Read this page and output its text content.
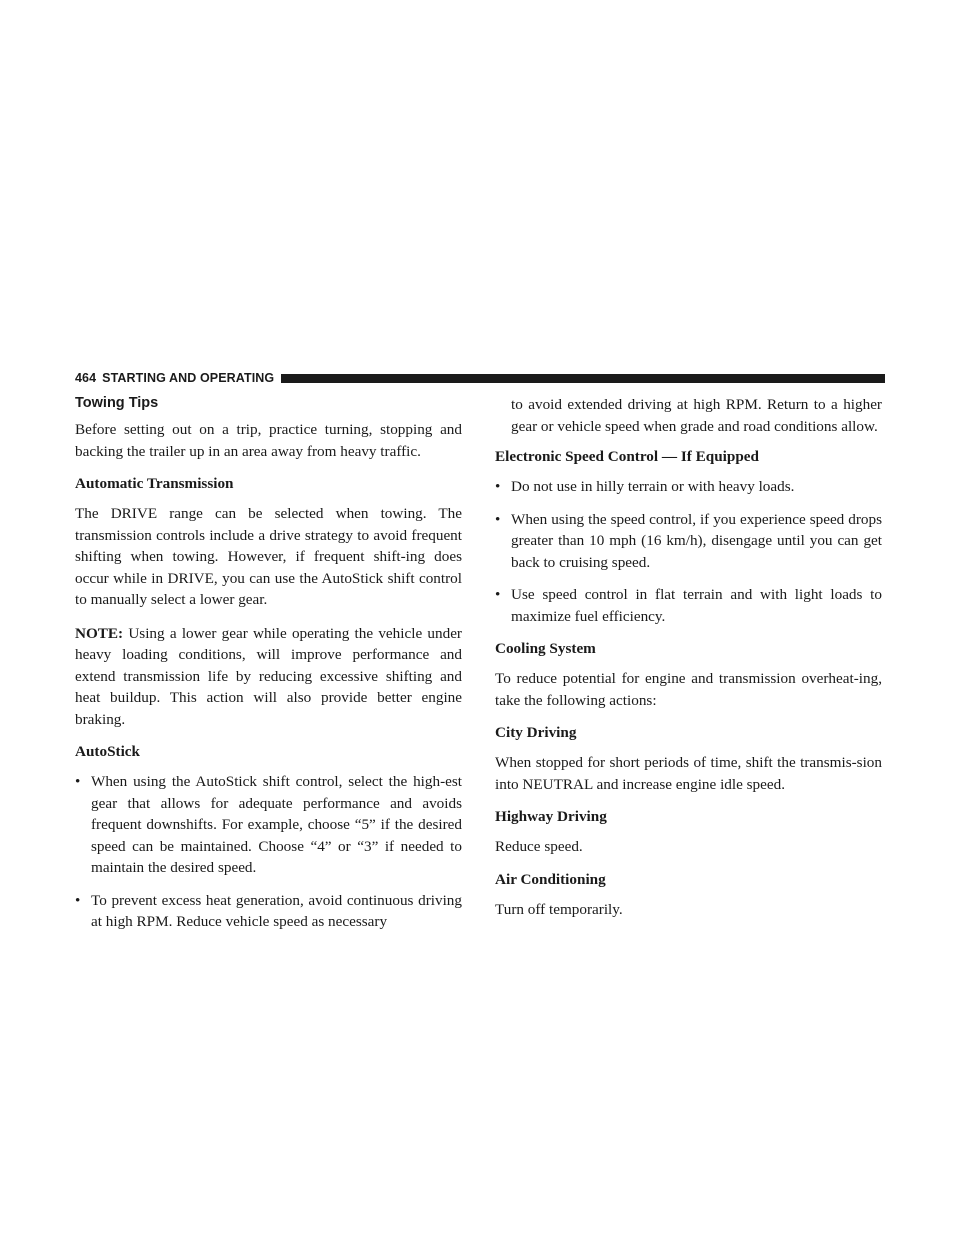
464 STARTING AND OPERATING
Towing Tips

Before setting out on a trip, practice turning, stopping and backing the trailer up in an area away from heavy traffic.

Automatic Transmission

The DRIVE range can be selected when towing. The transmission controls include a drive strategy to avoid frequent shifting when towing. However, if frequent shift-ing does occur while in DRIVE, you can use the AutoStick shift control to manually select a lower gear.

NOTE: Using a lower gear while operating the vehicle under heavy loading conditions, will improve performance and extend transmission life by reducing excessive shifting and heat buildup. This action will also provide better engine braking.

AutoStick
• When using the AutoStick shift control, select the high-est gear that allows for adequate performance and avoids frequent downshifts. For example, choose “5” if the desired speed can be maintained. Choose “4” or “3” if needed to maintain the desired speed.
• To prevent excess heat generation, avoid continuous driving at high RPM. Reduce vehicle speed as necessary

to avoid extended driving at high RPM. Return to a higher gear or vehicle speed when grade and road conditions allow.

Electronic Speed Control — If Equipped
• Do not use in hilly terrain or with heavy loads.
• When using the speed control, if you experience speed drops greater than 10 mph (16 km/h), disengage until you can get back to cruising speed.
• Use speed control in flat terrain and with light loads to maximize fuel efficiency.
Cooling System

To reduce potential for engine and transmission overheat-ing, take the following actions:

City Driving

When stopped for short periods of time, shift the transmis-sion into NEUTRAL and increase engine idle speed.

Highway Driving

Reduce speed.

Air Conditioning

Turn off temporarily.
